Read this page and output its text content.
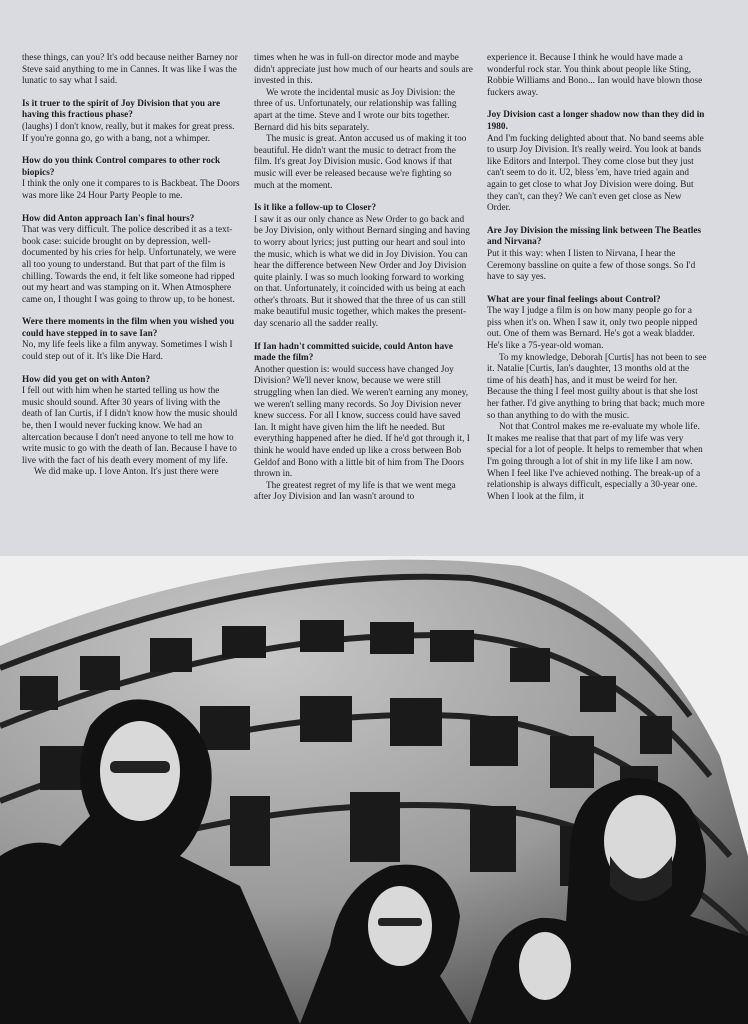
these things, can you? It's odd because neither Barney nor Steve said anything to me in Cannes. It was like I was the lunatic to say what I said.

Is it truer to the spirit of Joy Division that you are having this fractious phase?

(laughs) I don't know, really, but it makes for great press. If you're gonna go, go with a bang, not a whimper.

How do you think Control compares to other rock biopics?

I think the only one it compares to is Backbeat. The Doors was more like 24 Hour Party People to me.

How did Anton approach Ian's final hours?

That was very difficult. The police described it as a text-book case: suicide brought on by depression, well-documented by his cries for help. Unfortunately, we were all too young to understand. But that part of the film is chilling. Towards the end, it felt like someone had ripped out my heart and was stamping on it. When Atmosphere came on, I thought I was going to throw up, to be honest.

Were there moments in the film when you wished you could have stepped in to save Ian?

No, my life feels like a film anyway. Sometimes I wish I could step out of it. It's like Die Hard.

How did you get on with Anton?

I fell out with him when he started telling us how the music should sound. After 30 years of living with the death of Ian Curtis, if I didn't know how the music should be, then I would never fucking know. We had an altercation because I don't need anyone to tell me how to write music to go with the death of Ian. Because I have to live with the fact of his death every moment of my life.

We did make up. I love Anton. It's just there were

times when he was in full-on director mode and maybe didn't appreciate just how much of our hearts and souls are invested in this.

We wrote the incidental music as Joy Division: the three of us. Unfortunately, our relationship was falling apart at the time. Steve and I wrote our bits together. Bernard did his bits separately.

The music is great. Anton accused us of making it too beautiful. He didn't want the music to detract from the film. It's great Joy Division music. God knows if that music will ever be released because we're fighting so much at the moment.

Is it like a follow-up to Closer?

I saw it as our only chance as New Order to go back and be Joy Division, only without Bernard singing and having to worry about lyrics; just putting our heart and soul into the music, which is what we did in Joy Division. You can hear the difference between New Order and Joy Division quite plainly. I was so much looking forward to working on that. Unfortunately, it coincided with us being at each other's throats. But it showed that the three of us can still make beautiful music together, which makes the present-day scenario all the sadder really.

If Ian hadn't committed suicide, could Anton have made the film?

Another question is: would success have changed Joy Division? We'll never know, because we were still struggling when Ian died. We weren't earning any money, we weren't selling many records. So Joy Division never knew success. For all I know, success could have saved Ian. It might have given him the lift he needed. But everything happened after he died. If he'd got through it, I think he would have ended up like a cross between Bob Geldof and Bono with a little bit of him from The Doors thrown in.

The greatest regret of my life is that we went mega after Joy Division and Ian wasn't around to

experience it. Because I think he would have made a wonderful rock star. You think about people like Sting, Robbie Williams and Bono... Ian would have blown those fuckers away.

Joy Division cast a longer shadow now than they did in 1980.

And I'm fucking delighted about that. No band seems able to usurp Joy Division. It's really weird. You look at bands like Editors and Interpol. They come close but they just can't seem to do it. U2, bless 'em, have tried again and again to get close to what Joy Division were doing. But they can't, can they? We can't even get close as New Order.

Are Joy Division the missing link between The Beatles and Nirvana?

Put it this way: when I listen to Nirvana, I hear the Ceremony bassline on quite a few of those songs. So I'd have to say yes.

What are your final feelings about Control?

The way I judge a film is on how many people go for a piss when it's on. When I saw it, only two people nipped out. One of them was Bernard. He's got a weak bladder. He's like a 75-year-old woman.

To my knowledge, Deborah [Curtis] has not been to see it. Natalie [Curtis, Ian's daughter, 13 months old at the time of his death] has, and it must be weird for her. Because the thing I feel most guilty about is that she lost her father. I'd give anything to bring that back; much more so than anything to do with the music.

Not that Control makes me re-evaluate my whole life. It makes me realise that that part of my life was very special for a lot of people. It helps to remember that when I'm going through a lot of shit in my life like I am now. When I feel like I've achieved nothing. The break-up of a relationship is always difficult, especially a 30-year one. When I look at the film, it
